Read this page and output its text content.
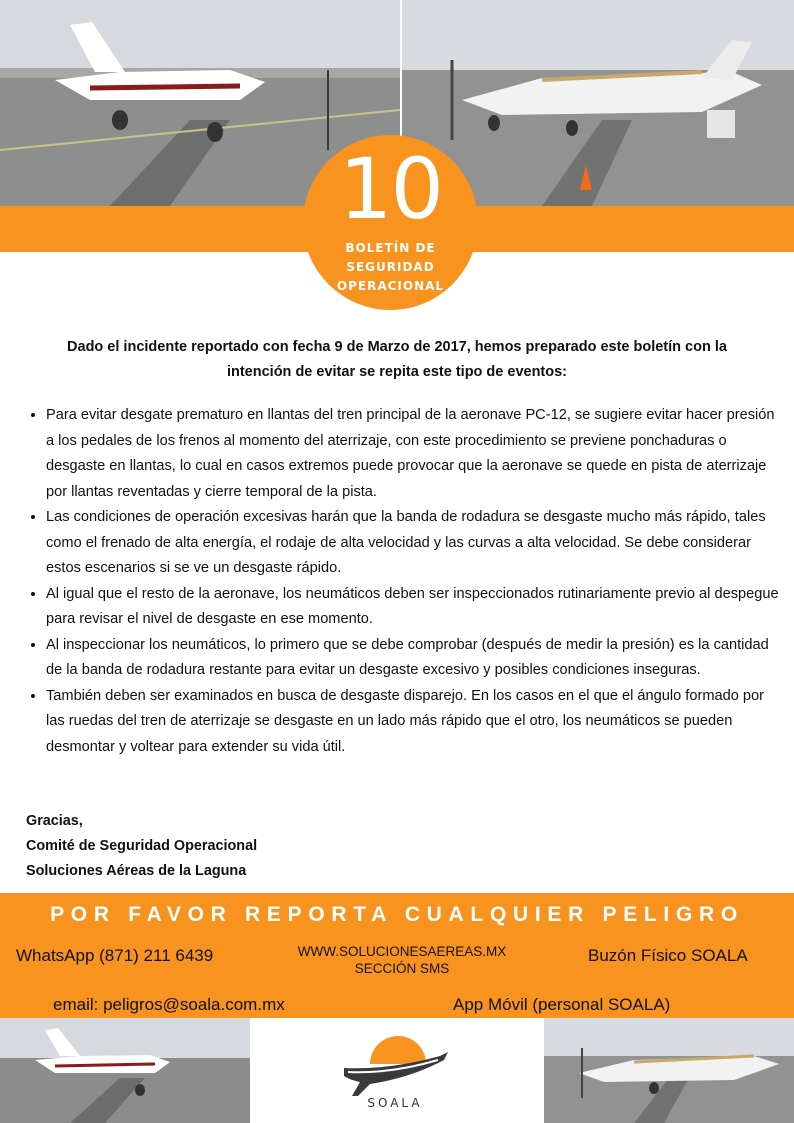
10
BOLETÍN DE SEGURIDAD OPERACIONAL
Dado el incidente reportado con fecha 9 de Marzo de 2017, hemos preparado este boletín con la intención de evitar se repita este tipo de eventos:
• Para evitar desgate prematuro en llantas del tren principal de la aeronave PC-12, se sugiere evitar hacer presión a los pedales de los frenos al momento del aterrizaje, con este procedimiento se previene ponchaduras o desgaste en llantas, lo cual en casos extremos puede provocar que la aeronave se quede en pista de aterrizaje por llantas reventadas y cierre temporal de la pista.
• Las condiciones de operación excesivas harán que la banda de rodadura se desgaste mucho más rápido, tales como el frenado de alta energía, el rodaje de alta velocidad y las curvas a alta velocidad. Se debe considerar estos escenarios si se ve un desgaste rápido.
• Al igual que el resto de la aeronave, los neumáticos deben ser inspeccionados rutinariamente previo al despegue para revisar el nivel de desgaste en ese momento.
• Al inspeccionar los neumáticos, lo primero que se debe comprobar (después de medir la presión) es la cantidad de la banda de rodadura restante para evitar un desgaste excesivo y posibles condiciones inseguras.
• También deben ser examinados en busca de desgaste disparejo. En los casos en el que el ángulo formado por las ruedas del tren de aterrizaje se desgaste en un lado más rápido que el otro, los neumáticos se pueden desmontar y voltear para extender su vida útil.
Gracias,
Comité de Seguridad Operacional
Soluciones Aéreas de la Laguna
POR FAVOR REPORTA CUALQUIER PELIGRO
WhatsApp (871) 211 6439	WWW.SOLUCIONESAEREAS.MX
SECCIÓN SMS
Buzón Físico SOALA
email: peligros@soala.com.mx	App Móvil (personal SOALA)
SOALA
